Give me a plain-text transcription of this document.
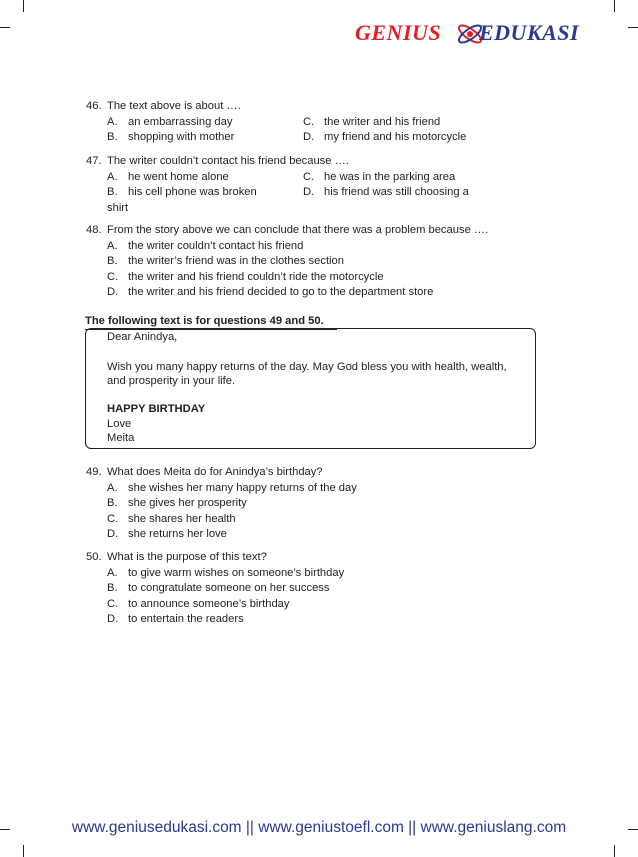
GENIUS EDUKASI
46. The text above is about ….
A. an embarrassing day
B. shopping with mother
C. the writer and his friend
D. my friend and his motorcycle
47. The writer couldn’t contact his friend because ….
A. he went home alone
B. his cell phone was broken
C. he was in the parking area
D. his friend was still choosing a
shirt
48. From the story above we can conclude that there was a problem because ….
A. the writer couldn’t contact his friend
B. the writer’s friend was in the clothes section
C. the writer and his friend couldn’t ride the motorcycle
D. the writer and his friend decided to go to the department store
The following text is for questions 49 and 50.
Dear Anindya,
Wish you many happy returns of the day. May God bless you with health, wealth,
and prosperity in your life.
HAPPY BIRTHDAY
Love
Meita
49. What does Meita do for Anindya’s birthday?
A. she wishes her many happy returns of the day
B. she gives her prosperity
C. she shares her health
D. she returns her love
50. What is the purpose of this text?
A. to give warm wishes on someone’s birthday
B. to congratulate someone on her success
C. to announce someone’s birthday
D. to entertain the readers
www.geniusedukasi.com || www.geniustoefl.com || www.geniuslang.com
